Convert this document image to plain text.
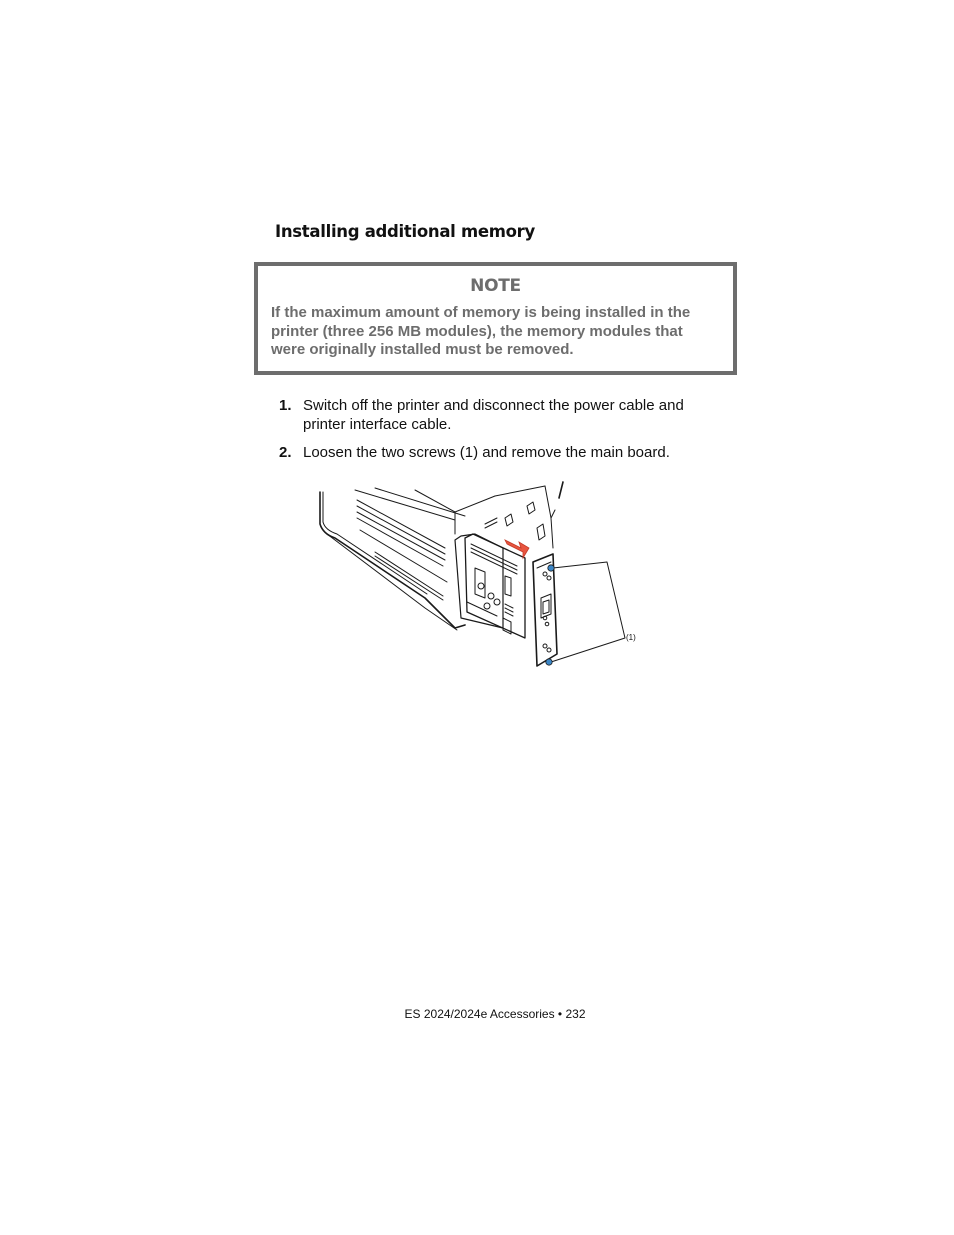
Installing additional memory
NOTE

If the maximum amount of memory is being installed in the printer (three 256 MB modules), the memory modules that were originally installed must be removed.

1. Switch off the printer and disconnect the power cable and printer interface cable.
2. Loosen the two screws (1) and remove the main board.
(1)
ES 2024/2024e Accessories • 232
